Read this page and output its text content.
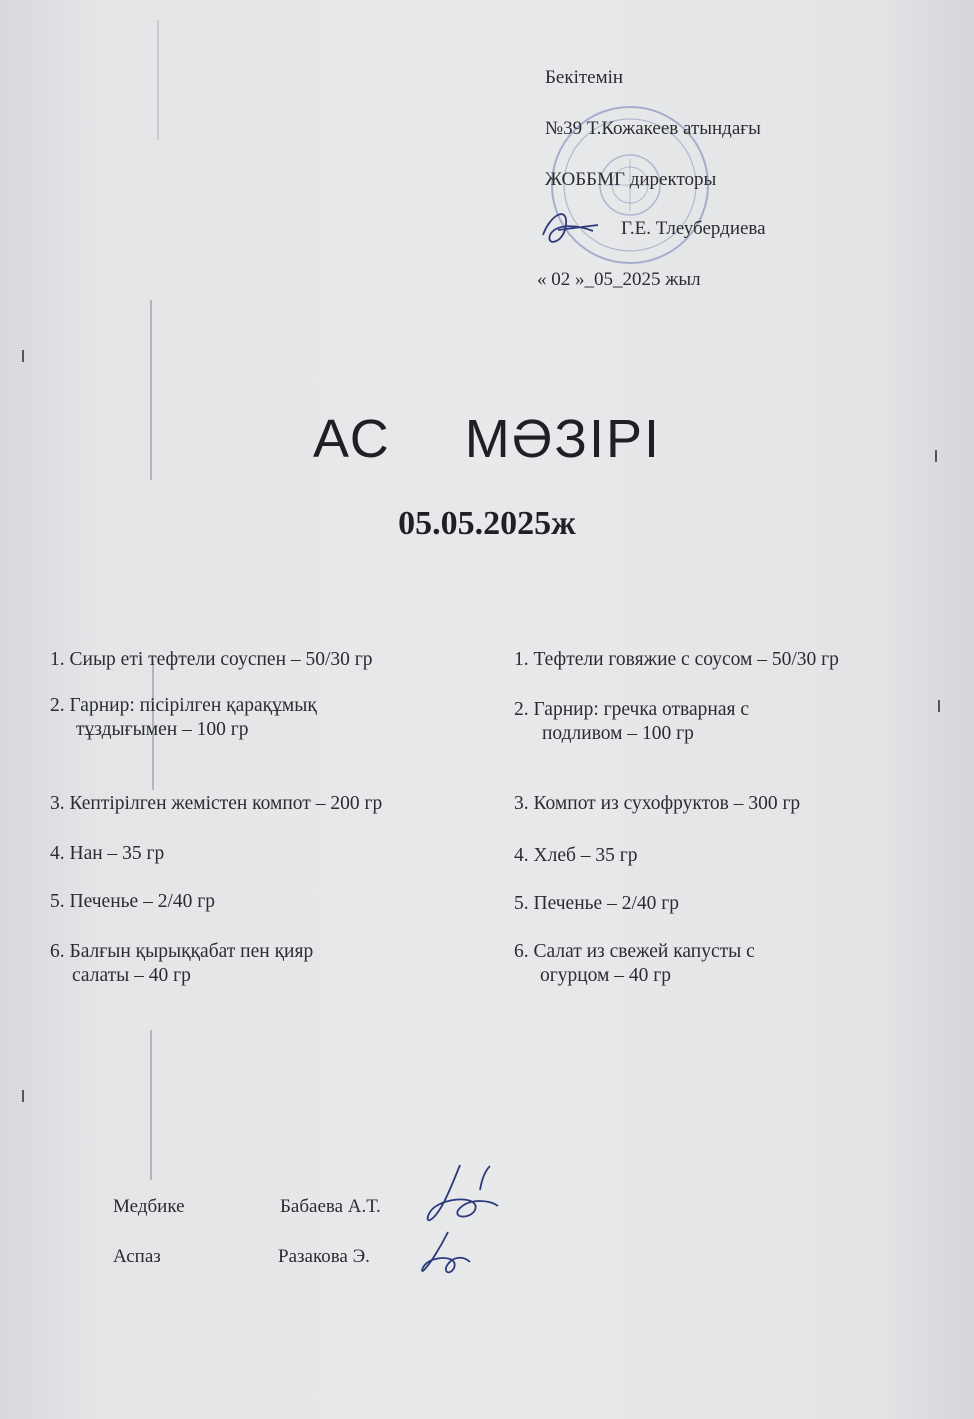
Бекітемін
№39 Т.Кожакеев атындағы
ЖОББМГ директоры
Г.Е. Тлеубердиева
« 02 »_05_2025 жыл
АС МӘЗІРІ
05.05.2025ж
1. Сиыр еті тефтели соуспен – 50/30 гр
2. Гарнир: пісірілген қарақұмық
тұздығымен – 100 гр
3. Кептірілген жемістен компот – 200 гр
4. Нан – 35 гр
5. Печенье – 2/40 гр
6. Балғын қырыққабат пен қияр
салаты – 40 гр
1. Тефтели говяжие с соусом – 50/30 гр
2. Гарнир: гречка отварная с
подливом – 100 гр
3. Компот из сухофруктов – 300 гр
4. Хлеб – 35 гр
5. Печенье – 2/40 гр
6. Салат из свежей капусты с
огурцом – 40 гр
Медбике	Бабаева А.Т.
Аспаз	Разакова Э.
